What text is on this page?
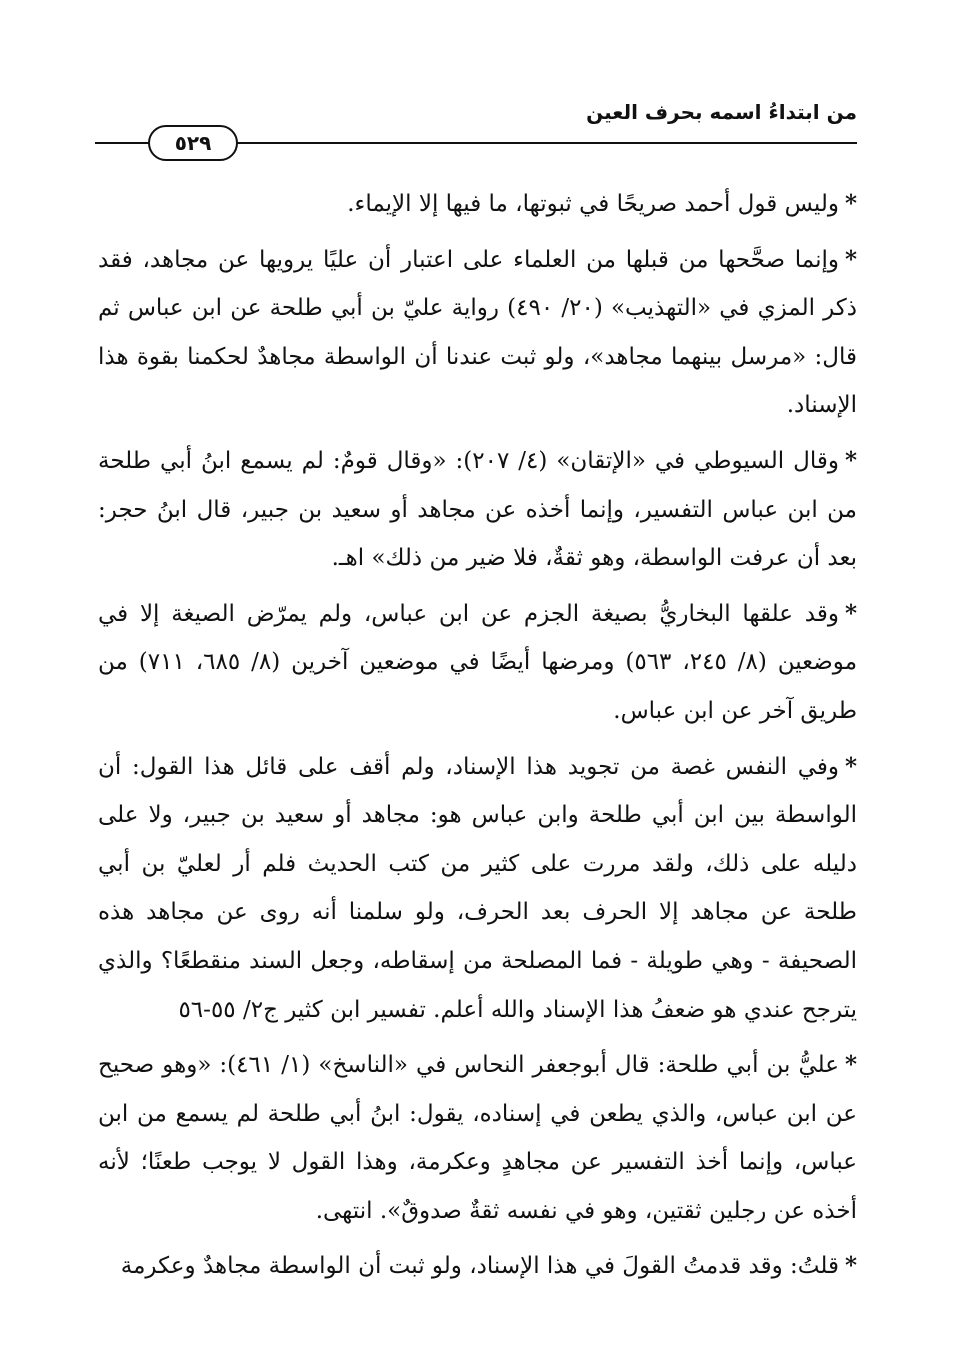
من ابتداءُ اسمه بحرف العين
٥٢٩

*وليس قول أحمد صريحًا في ثبوتها، ما فيها إلا الإيماء.

*وإنما صحَّحها من قبلها من العلماء على اعتبار أن عليًا يرويها عن مجاهد، فقد ذكر المزي في «التهذيب» (٢٠/ ٤٩٠) رواية عليّ بن أبي طلحة عن ابن عباس ثم قال: «مرسل بينهما مجاهد»، ولو ثبت عندنا أن الواسطة مجاهدٌ لحكمنا بقوة هذا الإسناد.

*وقال السيوطي في «الإتقان» (٤/ ٢٠٧): «وقال قومٌ: لم يسمع ابنُ أبي طلحة من ابن عباس التفسير، وإنما أخذه عن مجاهد أو سعيد بن جبير، قال ابنُ حجر: بعد أن عرفت الواسطة، وهو ثقةٌ، فلا ضير من ذلك» اهـ.

*وقد علقها البخاريُّ بصيغة الجزم عن ابن عباس، ولم يمرّض الصيغة إلا في موضعين (٨/ ٢٤٥، ٥٦٣) ومرضها أيضًا في موضعين آخرين (٨/ ٦٨٥، ٧١١) من طريق آخر عن ابن عباس.

*وفي النفس غصة من تجويد هذا الإسناد، ولم أقف على قائل هذا القول: أن الواسطة بين ابن أبي طلحة وابن عباس هو: مجاهد أو سعيد بن جبير، ولا على دليله على ذلك، ولقد مررت على كثير من كتب الحديث فلم أر لعليّ بن أبي طلحة عن مجاهد إلا الحرف بعد الحرف، ولو سلمنا أنه روى عن مجاهد هذه الصحيفة - وهي طويلة - فما المصلحة من إسقاطه، وجعل السند منقطعًا؟ والذي يترجح عندي هو ضعفُ هذا الإسناد والله أعلم. تفسير ابن كثير ج٢/ ٥٥-٥٦

*عليُّ بن أبي طلحة: قال أبوجعفر النحاس في «الناسخ» (١/ ٤٦١): «وهو صحيح عن ابن عباس، والذي يطعن في إسناده، يقول: ابنُ أبي طلحة لم يسمع من ابن عباس، وإنما أخذ التفسير عن مجاهدٍ وعكرمة، وهذا القول لا يوجب طعنًا؛ لأنه أخذه عن رجلين ثقتين، وهو في نفسه ثقةٌ صدوقٌ». انتهى.

*قلتُ: وقد قدمتُ القولَ في هذا الإسناد، ولو ثبت أن الواسطة مجاهدٌ وعكرمة
